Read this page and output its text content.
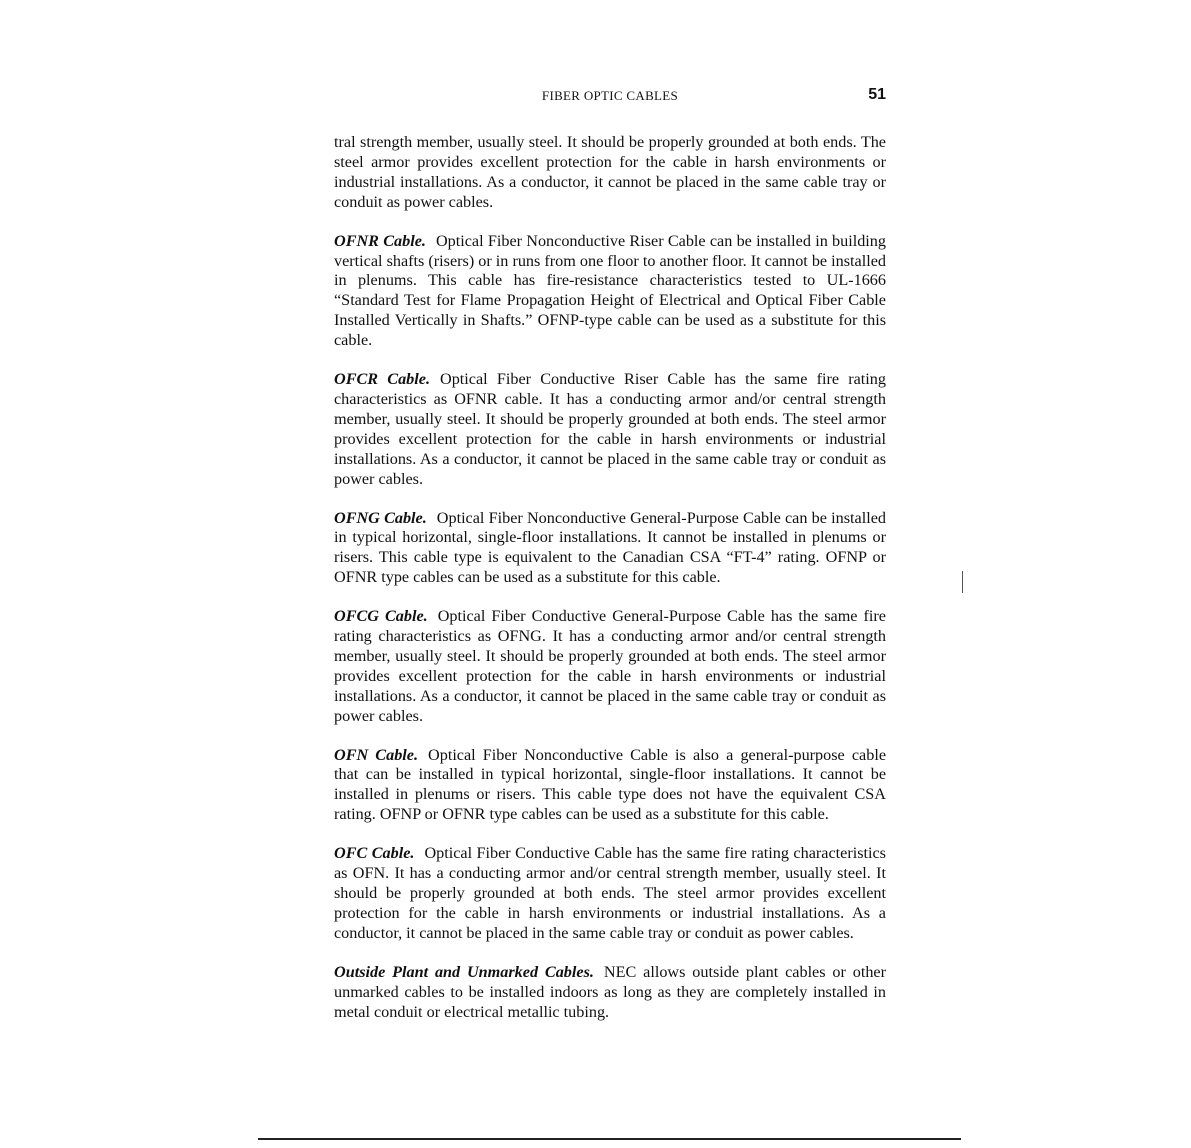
FIBER OPTIC CABLES	51

tral strength member, usually steel. It should be properly grounded at both ends. The steel armor provides excellent protection for the cable in harsh environments or industrial installations. As a conductor, it cannot be placed in the same cable tray or conduit as power cables.

OFNR Cable. Optical Fiber Nonconductive Riser Cable can be installed in building vertical shafts (risers) or in runs from one floor to another floor. It cannot be installed in plenums. This cable has fire-resistance characteristics tested to UL-1666 “Standard Test for Flame Propagation Height of Electrical and Optical Fiber Cable Installed Vertically in Shafts.” OFNP-type cable can be used as a substitute for this cable.

OFCR Cable. Optical Fiber Conductive Riser Cable has the same fire rating characteristics as OFNR cable. It has a conducting armor and/or central strength member, usually steel. It should be properly grounded at both ends. The steel armor provides excellent protection for the cable in harsh environments or industrial installations. As a conductor, it cannot be placed in the same cable tray or conduit as power cables.

OFNG Cable. Optical Fiber Nonconductive General-Purpose Cable can be installed in typical horizontal, single-floor installations. It cannot be installed in plenums or risers. This cable type is equivalent to the Canadian CSA “FT-4” rating. OFNP or OFNR type cables can be used as a substitute for this cable.

OFCG Cable. Optical Fiber Conductive General-Purpose Cable has the same fire rating characteristics as OFNG. It has a conducting armor and/or central strength member, usually steel. It should be properly grounded at both ends. The steel armor provides excellent protection for the cable in harsh environments or industrial installations. As a conductor, it cannot be placed in the same cable tray or conduit as power cables.

OFN Cable. Optical Fiber Nonconductive Cable is also a general-purpose cable that can be installed in typical horizontal, single-floor installations. It cannot be installed in plenums or risers. This cable type does not have the equivalent CSA rating. OFNP or OFNR type cables can be used as a substitute for this cable.

OFC Cable. Optical Fiber Conductive Cable has the same fire rating characteristics as OFN. It has a conducting armor and/or central strength member, usually steel. It should be properly grounded at both ends. The steel armor provides excellent protection for the cable in harsh environments or industrial installations. As a conductor, it cannot be placed in the same cable tray or conduit as power cables.

Outside Plant and Unmarked Cables. NEC allows outside plant cables or other unmarked cables to be installed indoors as long as they are completely installed in metal conduit or electrical metallic tubing.
